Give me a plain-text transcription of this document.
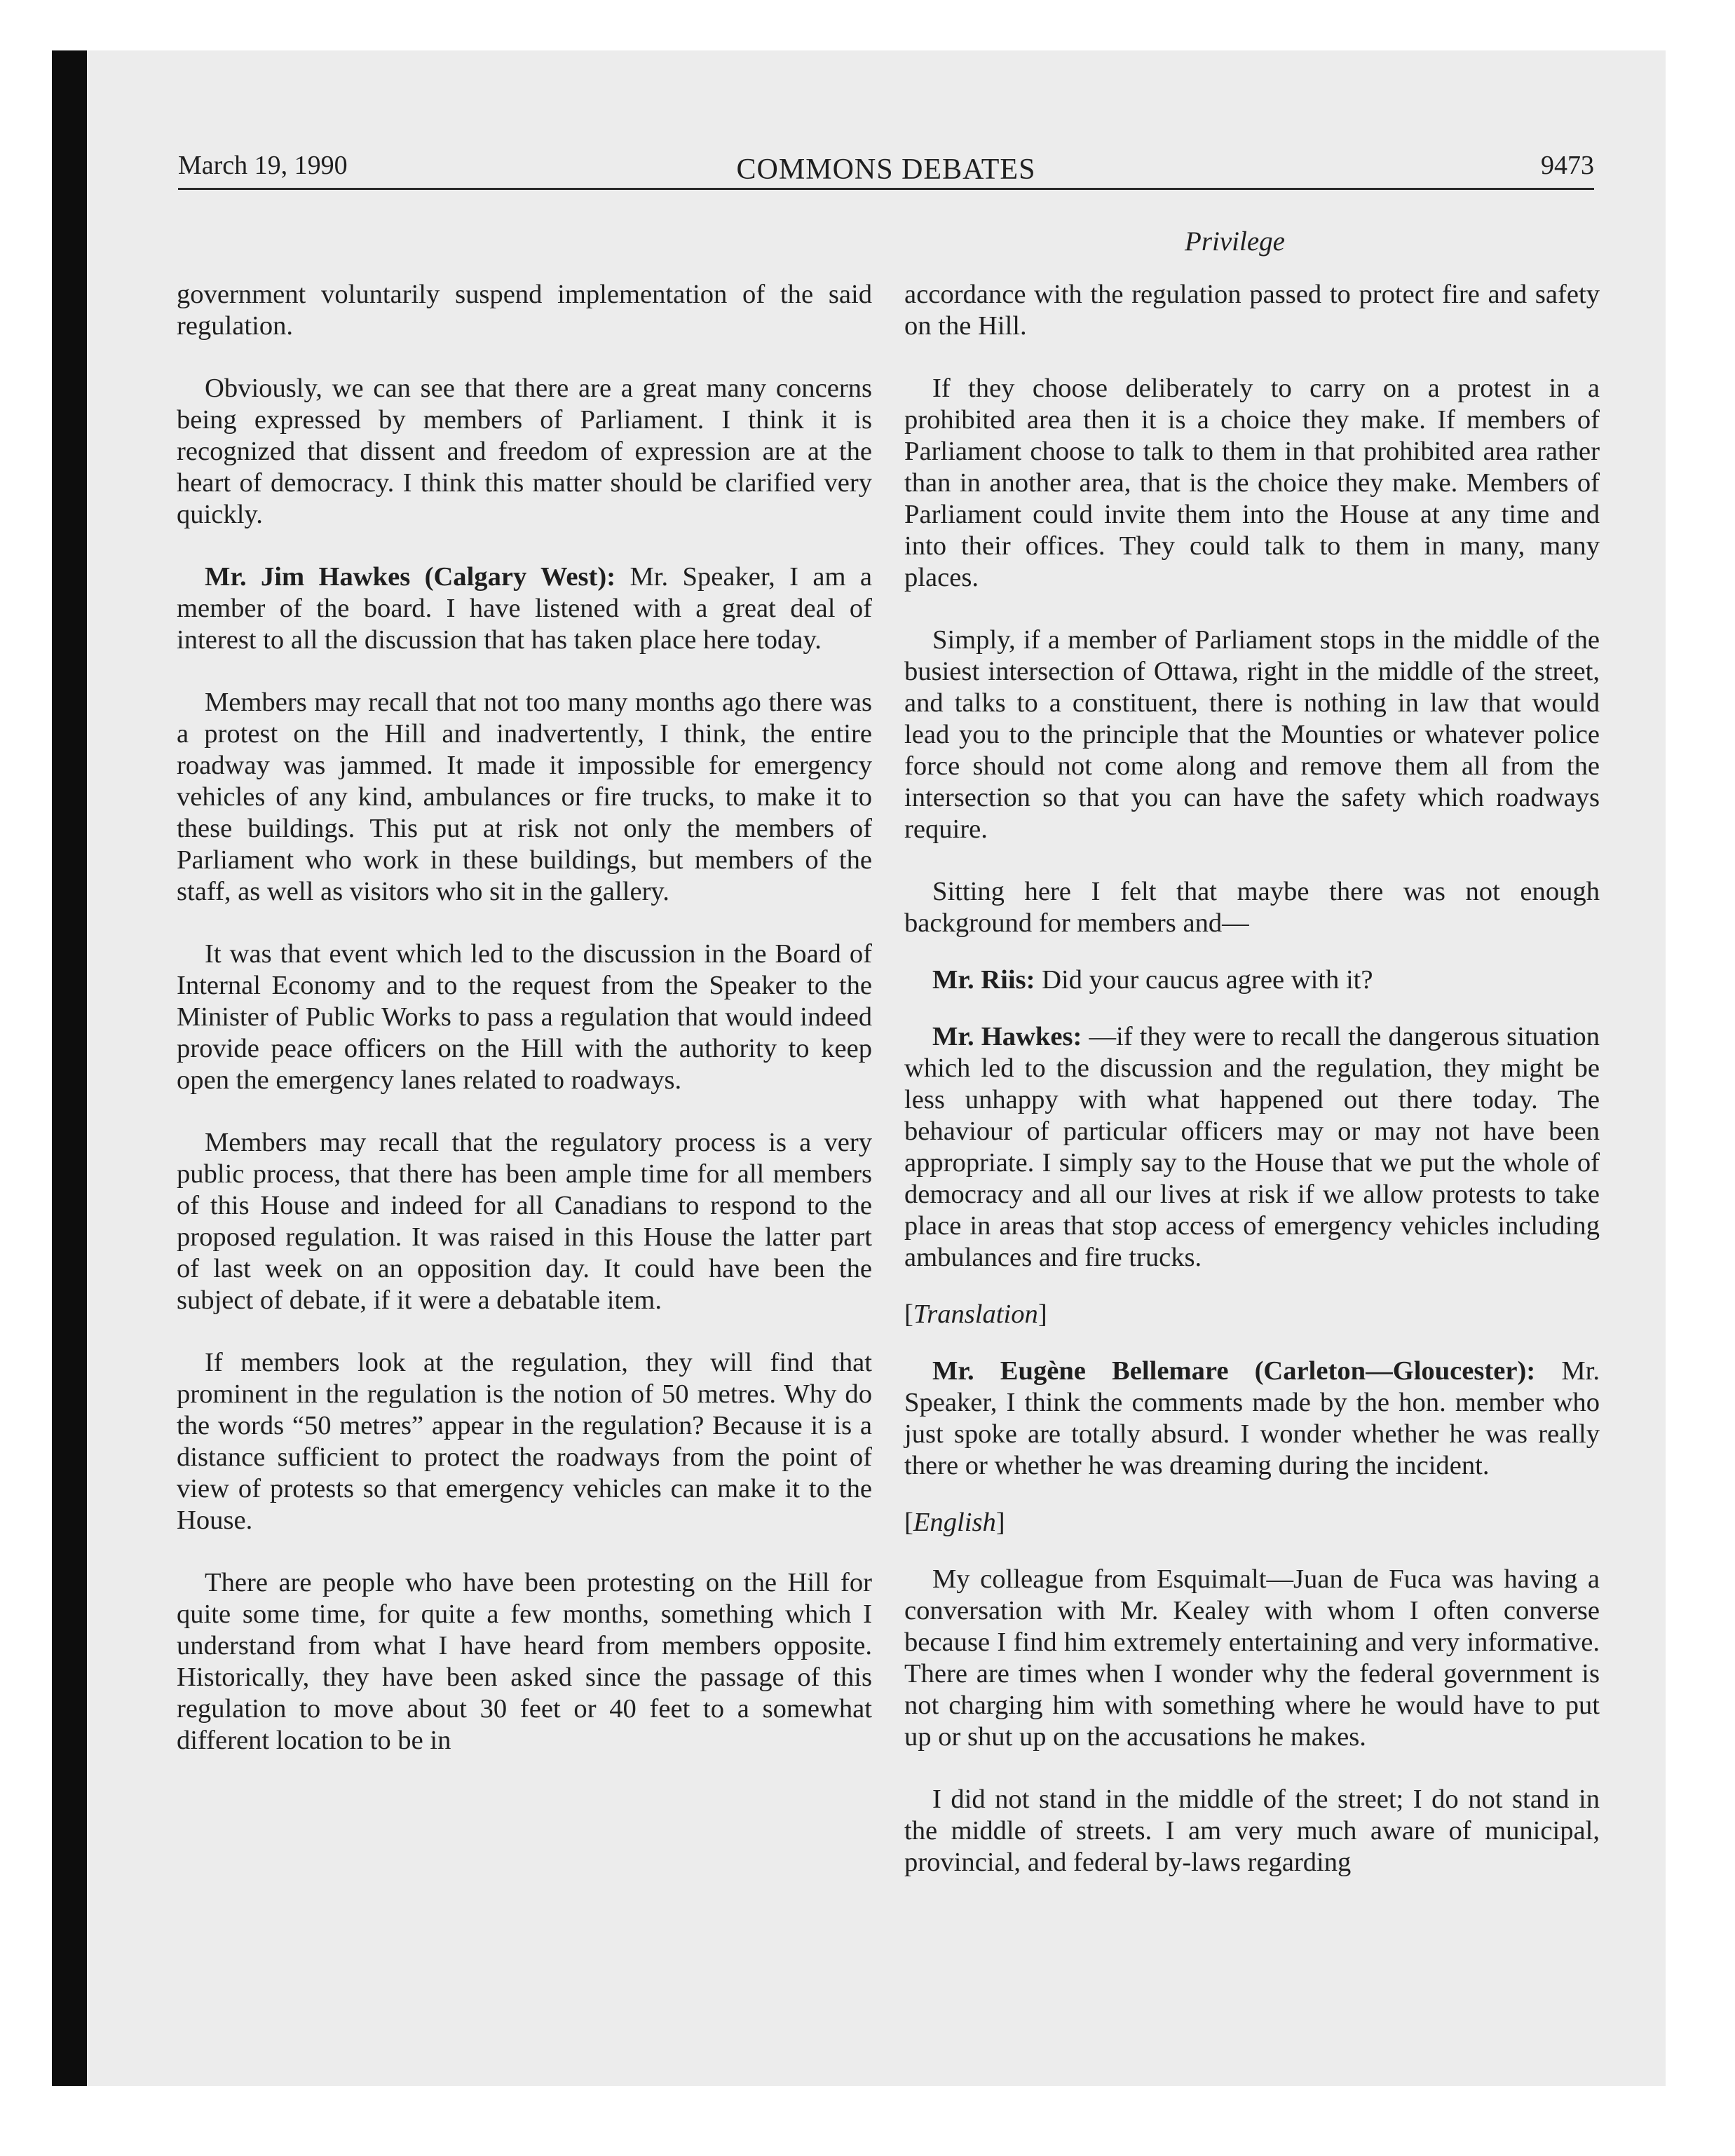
March 19, 1990	COMMONS DEBATES	9473
Privilege

government voluntarily suspend implementation of the said regulation.

Obviously, we can see that there are a great many concerns being expressed by members of Parliament. I think it is recognized that dissent and freedom of expression are at the heart of democracy. I think this matter should be clarified very quickly.

Mr. Jim Hawkes (Calgary West): Mr. Speaker, I am a member of the board. I have listened with a great deal of interest to all the discussion that has taken place here today.

Members may recall that not too many months ago there was a protest on the Hill and inadvertently, I think, the entire roadway was jammed. It made it impossible for emergency vehicles of any kind, ambulances or fire trucks, to make it to these buildings. This put at risk not only the members of Parliament who work in these buildings, but members of the staff, as well as visitors who sit in the gallery.

It was that event which led to the discussion in the Board of Internal Economy and to the request from the Speaker to the Minister of Public Works to pass a regulation that would indeed provide peace officers on the Hill with the authority to keep open the emergency lanes related to roadways.

Members may recall that the regulatory process is a very public process, that there has been ample time for all members of this House and indeed for all Canadians to respond to the proposed regulation. It was raised in this House the latter part of last week on an opposition day. It could have been the subject of debate, if it were a debatable item.

If members look at the regulation, they will find that prominent in the regulation is the notion of 50 metres. Why do the words “50 metres” appear in the regulation? Because it is a distance sufficient to protect the roadways from the point of view of protests so that emergency vehicles can make it to the House.

There are people who have been protesting on the Hill for quite some time, for quite a few months, something which I understand from what I have heard from members opposite. Historically, they have been asked since the passage of this regulation to move about 30 feet or 40 feet to a somewhat different location to be in

accordance with the regulation passed to protect fire and safety on the Hill.

If they choose deliberately to carry on a protest in a prohibited area then it is a choice they make. If members of Parliament choose to talk to them in that prohibited area rather than in another area, that is the choice they make. Members of Parliament could invite them into the House at any time and into their offices. They could talk to them in many, many places.

Simply, if a member of Parliament stops in the middle of the busiest intersection of Ottawa, right in the middle of the street, and talks to a constituent, there is nothing in law that would lead you to the principle that the Mounties or whatever police force should not come along and remove them all from the intersection so that you can have the safety which roadways require.

Sitting here I felt that maybe there was not enough background for members and—

Mr. Riis: Did your caucus agree with it?

Mr. Hawkes: —if they were to recall the dangerous situation which led to the discussion and the regulation, they might be less unhappy with what happened out there today. The behaviour of particular officers may or may not have been appropriate. I simply say to the House that we put the whole of democracy and all our lives at risk if we allow protests to take place in areas that stop access of emergency vehicles including ambulances and fire trucks.

[Translation]

Mr. Eugène Bellemare (Carleton—Gloucester): Mr. Speaker, I think the comments made by the hon. member who just spoke are totally absurd. I wonder whether he was really there or whether he was dreaming during the incident.

[English]

My colleague from Esquimalt—Juan de Fuca was having a conversation with Mr. Kealey with whom I often converse because I find him extremely entertaining and very informative. There are times when I wonder why the federal government is not charging him with something where he would have to put up or shut up on the accusations he makes.

I did not stand in the middle of the street; I do not stand in the middle of streets. I am very much aware of municipal, provincial, and federal by-laws regarding
